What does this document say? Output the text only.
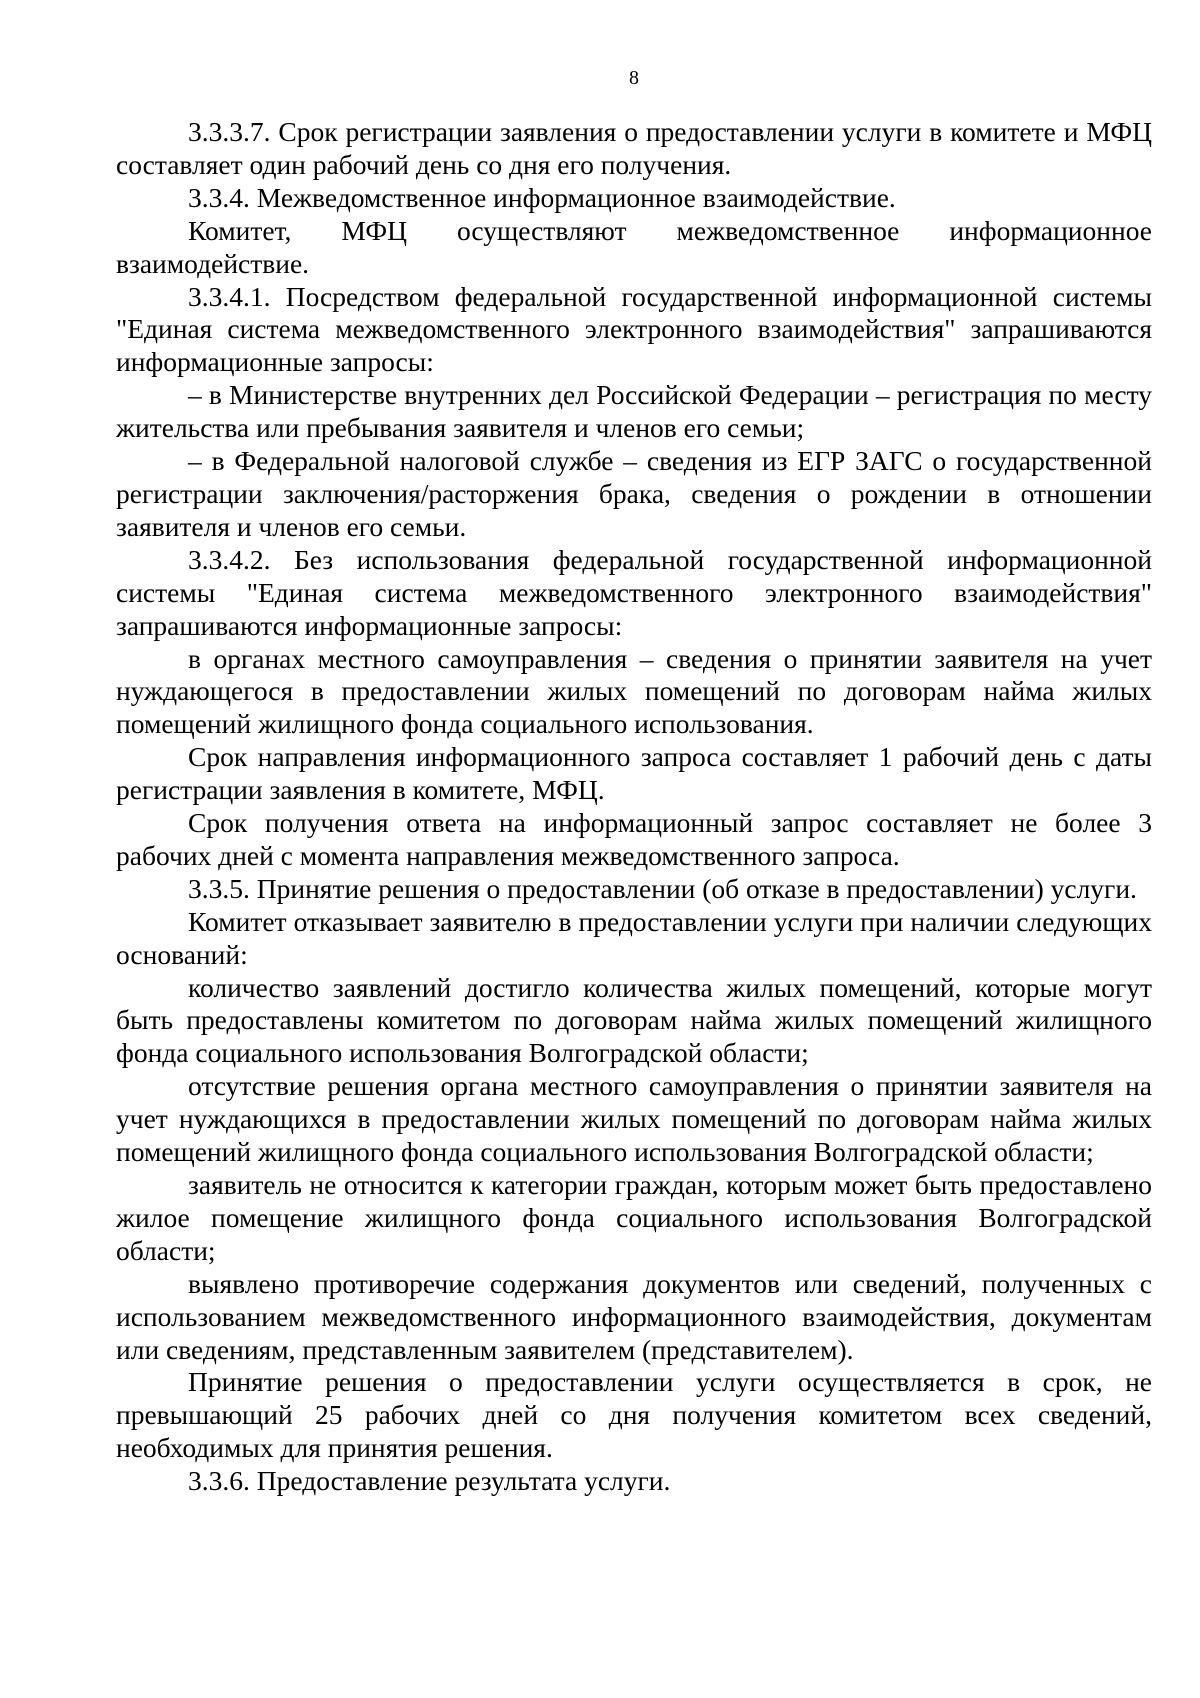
8

3.3.3.7. Срок регистрации заявления о предоставлении услуги в комитете и МФЦ составляет один рабочий день со дня его получения.

3.3.4. Межведомственное информационное взаимодействие.

Комитет, МФЦ осуществляют межведомственное информационное взаимодействие.

3.3.4.1. Посредством федеральной государственной информационной системы "Единая система межведомственного электронного взаимодействия" запрашиваются информационные запросы:

– в Министерстве внутренних дел Российской Федерации – регистрация по месту жительства или пребывания заявителя и членов его семьи;

– в Федеральной налоговой службе – сведения из ЕГР ЗАГС о государственной регистрации заключения/расторжения брака, сведения о рождении в отношении заявителя и членов его семьи.

3.3.4.2. Без использования федеральной государственной информационной системы "Единая система межведомственного электронного взаимодействия" запрашиваются информационные запросы:

в органах местного самоуправления – сведения о принятии заявителя на учет нуждающегося в предоставлении жилых помещений по договорам найма жилых помещений жилищного фонда социального использования.

Срок направления информационного запроса составляет 1 рабочий день с даты регистрации заявления в комитете, МФЦ.

Срок получения ответа на информационный запрос составляет не более 3 рабочих дней с момента направления межведомственного запроса.

3.3.5. Принятие решения о предоставлении (об отказе в предоставлении) услуги.

Комитет отказывает заявителю в предоставлении услуги при наличии следующих оснований:

количество заявлений достигло количества жилых помещений, которые могут быть предоставлены комитетом по договорам найма жилых помещений жилищного фонда социального использования Волгоградской области;

отсутствие решения органа местного самоуправления о принятии заявителя на учет нуждающихся в предоставлении жилых помещений по договорам найма жилых помещений жилищного фонда социального использования Волгоградской области;

заявитель не относится к категории граждан, которым может быть предоставлено жилое помещение жилищного фонда социального использования Волгоградской области;

выявлено противоречие содержания документов или сведений, полученных с использованием межведомственного информационного взаимодействия, документам или сведениям, представленным заявителем (представителем).

Принятие решения о предоставлении услуги осуществляется в срок, не превышающий 25 рабочих дней со дня получения комитетом всех сведений, необходимых для принятия решения.

3.3.6. Предоставление результата услуги.
